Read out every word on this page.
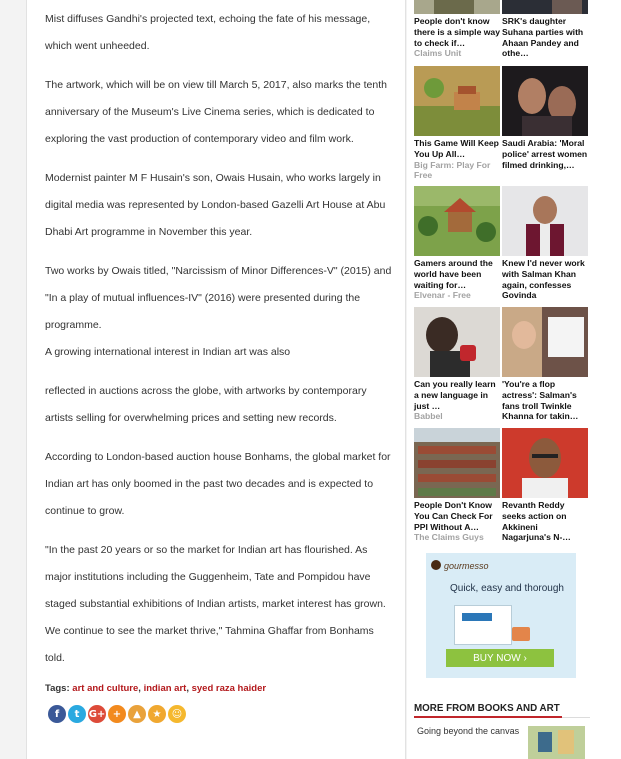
Mist diffuses Gandhi's projected text, echoing the fate of his message, which went unheeded.

The artwork, which will be on view till March 5, 2017, also marks the tenth anniversary of the Museum's Live Cinema series, which is dedicated to exploring the vast production of contemporary video and film work.

Modernist painter M F Husain's son, Owais Husain, who works largely in digital media was represented by London-based Gazelli Art House at Abu Dhabi Art programme in November this year.

Two works by Owais titled, "Narcissism of Minor Differences-V" (2015) and "In a play of mutual influences-IV" (2016) were presented during the programme.

A growing international interest in Indian art was also

reflected in auctions across the globe, with artworks by contemporary artists selling for overwhelming prices and setting new records.

According to London-based auction house Bonhams, the global market for Indian art has only boomed in the past two decades and is expected to continue to grow.

"In the past 20 years or so the market for Indian art has flourished. As major institutions including the Guggenheim, Tate and Pompidou have staged substantial exhibitions of Indian artists, market interest has grown. We continue to see the market thrive," Tahmina Ghaffar from Bonhams told.

Tags: art and culture, indian art, syed raza haider
f	t G+ +	▲	★	☺
People don't know there is a simple way to check if…
Claims Unit
SRK's daughter Suhana parties with Ahaan Pandey and othe…
This Game Will Keep You Up All…
Big Farm: Play For Free
Saudi Arabia: 'Moral police' arrest women filmed drinking,…
Gamers around the world have been waiting for…
Elvenar - Free
Knew I'd never work with Salman Khan again, confesses Govinda
Can you really learn a new language in just …
Babbel
'You're a flop actress': Salman's fans troll Twinkle Khanna for takin…
People Don't Know You Can Check For PPI Without A…
The Claims Guys
Revanth Reddy seeks action on Akkineni Nagarjuna's N-…
gourmesso
Quick, easy and thorough
BUY NOW ›
MORE FROM BOOKS AND ART
Going beyond the canvas
